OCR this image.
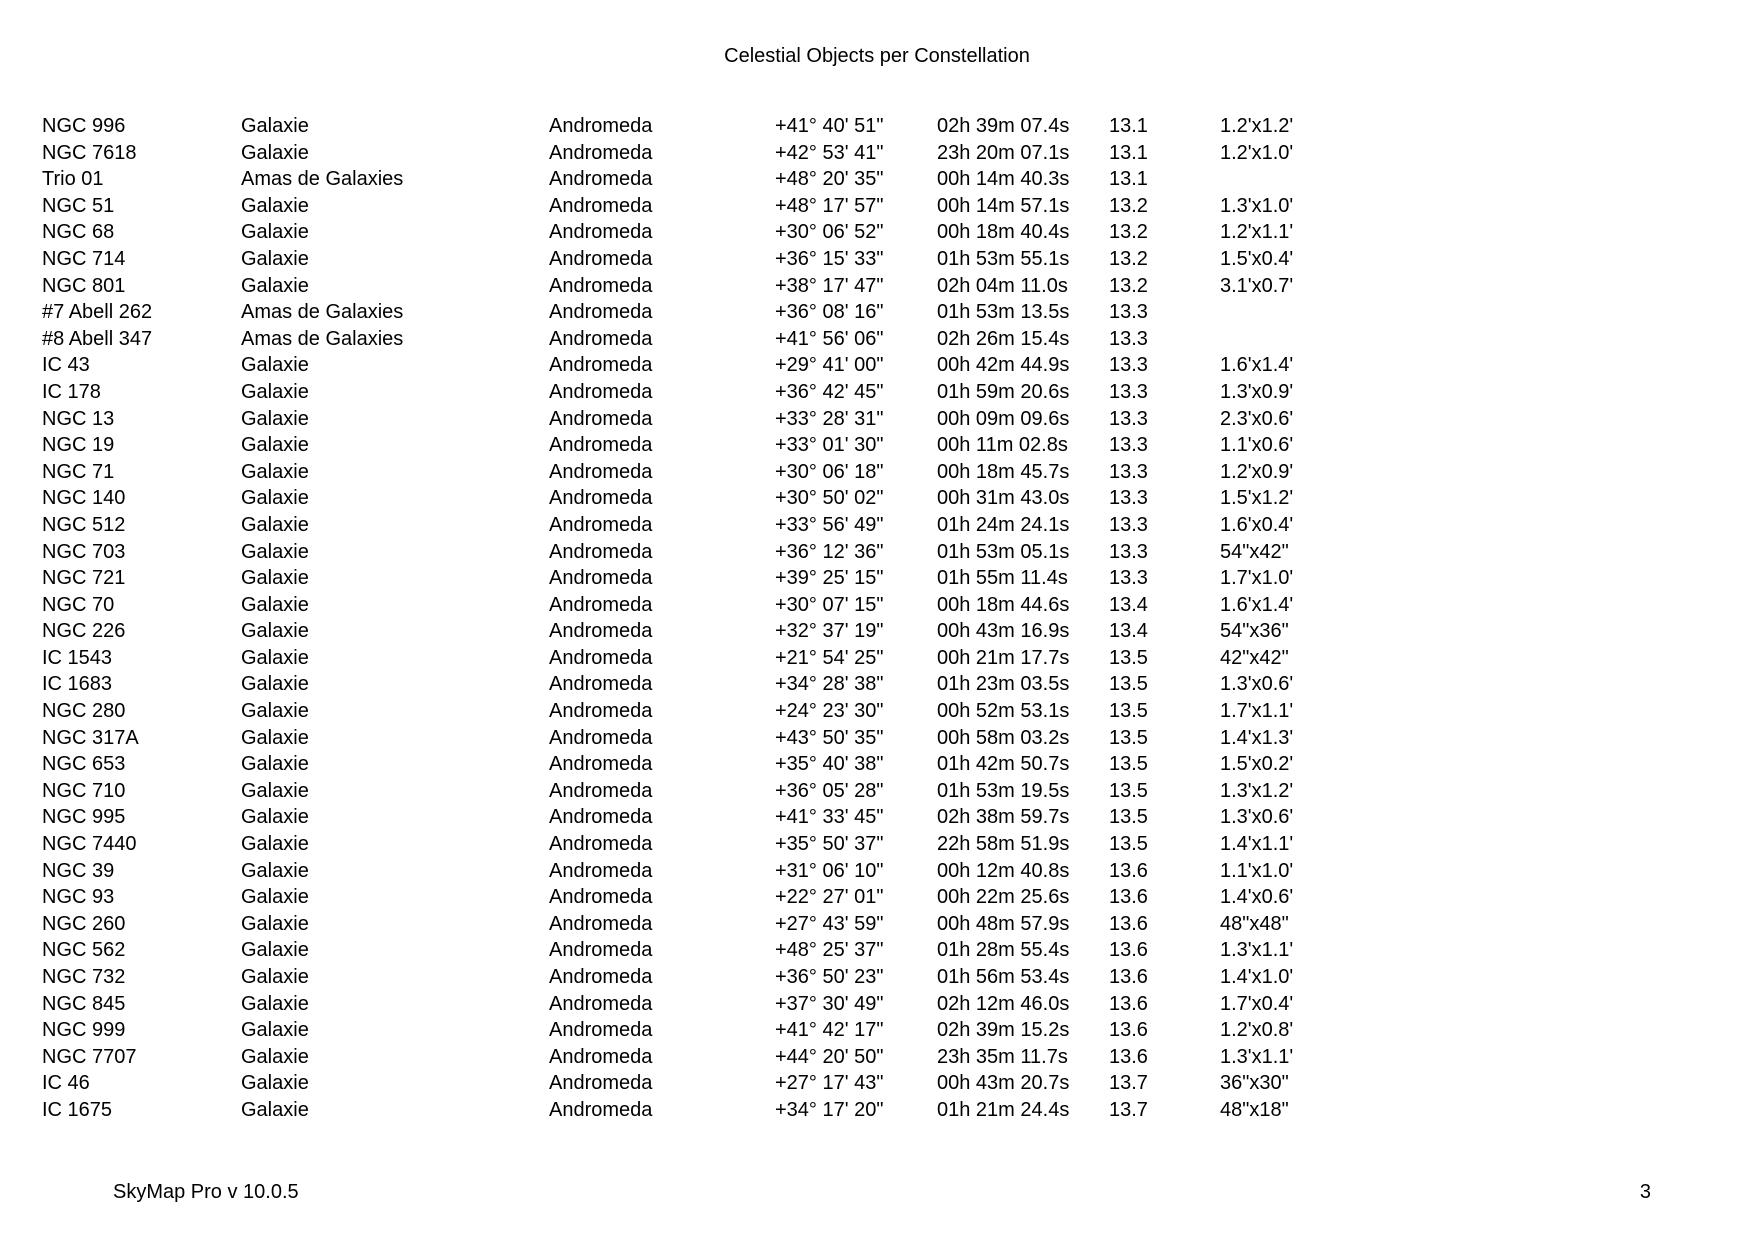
Celestial Objects per Constellation
NGC 996	Galaxie	Andromeda	+41° 40' 51"	02h 39m 07.4s 13.1	1.2'x1.2'
NGC 7618	Galaxie	Andromeda	+42° 53' 41"	23h 20m 07.1s 13.1	1.2'x1.0'
Trio 01	Amas de Galaxies	Andromeda	+48° 20' 35"	00h 14m 40.3s 13.1
NGC 51	Galaxie	Andromeda	+48° 17' 57"	00h 14m 57.1s 13.2	1.3'x1.0'
NGC 68	Galaxie	Andromeda	+30° 06' 52"	00h 18m 40.4s 13.2	1.2'x1.1'
NGC 714	Galaxie	Andromeda	+36° 15' 33"	01h 53m 55.1s 13.2	1.5'x0.4'
NGC 801	Galaxie	Andromeda	+38° 17' 47"	02h 04m 11.0s 13.2	3.1'x0.7'
#7 Abell 262	Amas de Galaxies	Andromeda	+36° 08' 16"	01h 53m 13.5s 13.3
#8 Abell 347	Amas de Galaxies	Andromeda	+41° 56' 06"	02h 26m 15.4s 13.3
IC 43	Galaxie	Andromeda	+29° 41' 00"	00h 42m 44.9s 13.3	1.6'x1.4'
IC 178	Galaxie	Andromeda	+36° 42' 45"	01h 59m 20.6s 13.3	1.3'x0.9'
NGC 13	Galaxie	Andromeda	+33° 28' 31"	00h 09m 09.6s 13.3	2.3'x0.6'
NGC 19	Galaxie	Andromeda	+33° 01' 30"	00h 11m 02.8s 13.3	1.1'x0.6'
NGC 71	Galaxie	Andromeda	+30° 06' 18"	00h 18m 45.7s 13.3	1.2'x0.9'
NGC 140	Galaxie	Andromeda	+30° 50' 02"	00h 31m 43.0s 13.3	1.5'x1.2'
NGC 512	Galaxie	Andromeda	+33° 56' 49"	01h 24m 24.1s 13.3	1.6'x0.4'
NGC 703	Galaxie	Andromeda	+36° 12' 36"	01h 53m 05.1s 13.3	54"x42"
NGC 721	Galaxie	Andromeda	+39° 25' 15"	01h 55m 11.4s 13.3	1.7'x1.0'
NGC 70	Galaxie	Andromeda	+30° 07' 15"	00h 18m 44.6s 13.4	1.6'x1.4'
NGC 226	Galaxie	Andromeda	+32° 37' 19"	00h 43m 16.9s 13.4	54"x36"
IC 1543	Galaxie	Andromeda	+21° 54' 25"	00h 21m 17.7s 13.5	42"x42"
IC 1683	Galaxie	Andromeda	+34° 28' 38"	01h 23m 03.5s 13.5	1.3'x0.6'
NGC 280	Galaxie	Andromeda	+24° 23' 30"	00h 52m 53.1s 13.5	1.7'x1.1'
NGC 317A	Galaxie	Andromeda	+43° 50' 35"	00h 58m 03.2s 13.5	1.4'x1.3'
NGC 653	Galaxie	Andromeda	+35° 40' 38"	01h 42m 50.7s 13.5	1.5'x0.2'
NGC 710	Galaxie	Andromeda	+36° 05' 28"	01h 53m 19.5s 13.5	1.3'x1.2'
NGC 995	Galaxie	Andromeda	+41° 33' 45"	02h 38m 59.7s 13.5	1.3'x0.6'
NGC 7440	Galaxie	Andromeda	+35° 50' 37"	22h 58m 51.9s 13.5	1.4'x1.1'
NGC 39	Galaxie	Andromeda	+31° 06' 10"	00h 12m 40.8s 13.6	1.1'x1.0'
NGC 93	Galaxie	Andromeda	+22° 27' 01"	00h 22m 25.6s 13.6	1.4'x0.6'
NGC 260	Galaxie	Andromeda	+27° 43' 59"	00h 48m 57.9s 13.6	48"x48"
NGC 562	Galaxie	Andromeda	+48° 25' 37"	01h 28m 55.4s 13.6	1.3'x1.1'
NGC 732	Galaxie	Andromeda	+36° 50' 23"	01h 56m 53.4s 13.6	1.4'x1.0'
NGC 845	Galaxie	Andromeda	+37° 30' 49"	02h 12m 46.0s 13.6	1.7'x0.4'
NGC 999	Galaxie	Andromeda	+41° 42' 17"	02h 39m 15.2s 13.6	1.2'x0.8'
NGC 7707	Galaxie	Andromeda	+44° 20' 50"	23h 35m 11.7s 13.6	1.3'x1.1'
IC 46	Galaxie	Andromeda	+27° 17' 43"	00h 43m 20.7s 13.7	36"x30"
IC 1675	Galaxie	Andromeda	+34° 17' 20"	01h 21m 24.4s 13.7	48"x18"
SkyMap Pro v 10.0.5	3
